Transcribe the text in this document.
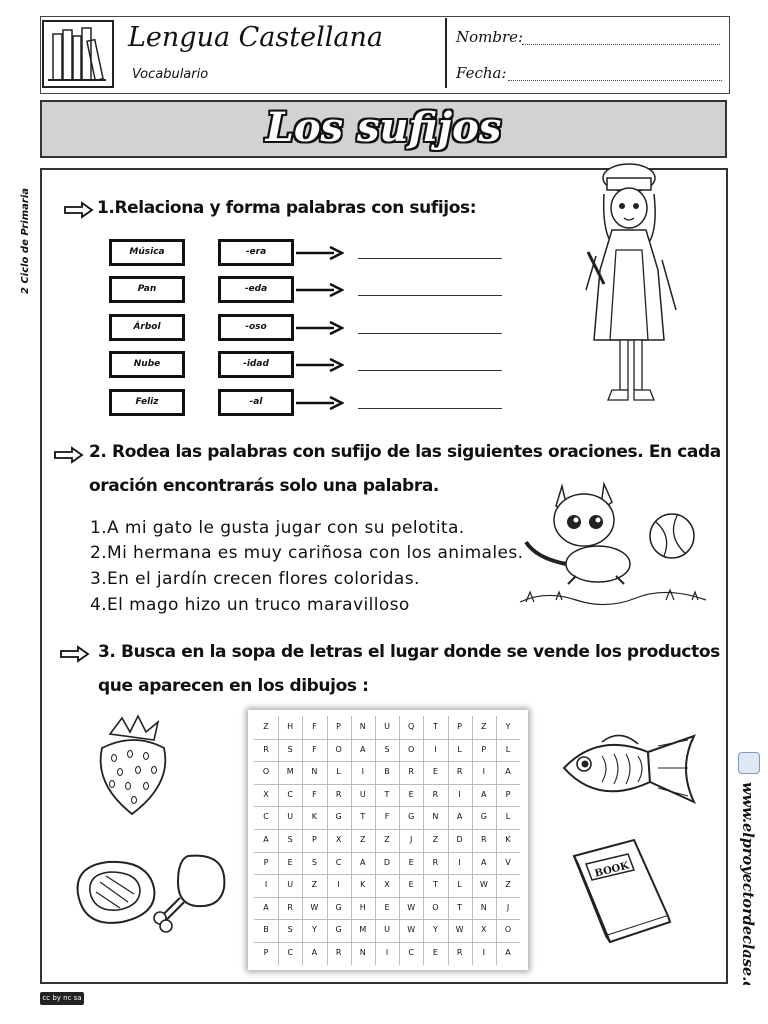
Lengua Castellana
Vocabulario
Nombre:
Fecha:
Los sufijos
2 Ciclo de Primaria
www.elproyectordeclase.com
1.Relaciona y forma palabras con sufijos:
Música	-era
Pan	-eda
Árbol	-oso
Nube	-idad
Feliz	-al
2. Rodea las palabras con sufijo de las siguientes oraciones. En cada
oración encontrarás solo una palabra.
1.A mi gato le gusta jugar con su pelotita.
2.Mi hermana es muy cariñosa con los animales.
3.En el jardín crecen flores coloridas.
4.El mago hizo un truco maravilloso
3. Busca en la sopa de letras el lugar donde se vende los productos
que aparecen en los dibujos :
Z	H	F	P	N	U	Q	T	P	Z	Y
R	S	F	O	A	S	O	I	L	P	L
O	M	N	L	I	B	R	E	R	I	A
X	C	F	R	U	T	E	R	I	A	P
C	U	K	G	T	F	G	N	A	G	L
A	S	P	X	Z	Z	J	Z	D	R	K
P	E	S	C	A	D	E	R	I	A	V
I	U	Z	I	K	X	E	T	L	W	Z
A	R	W	G	H	E	W	O	T	N	J
B	S	Y	G	M	U	W	Y	W	X	O
P	C	A	R	N	I	C	E	R	I	A
BOOK
cc by nc sa
